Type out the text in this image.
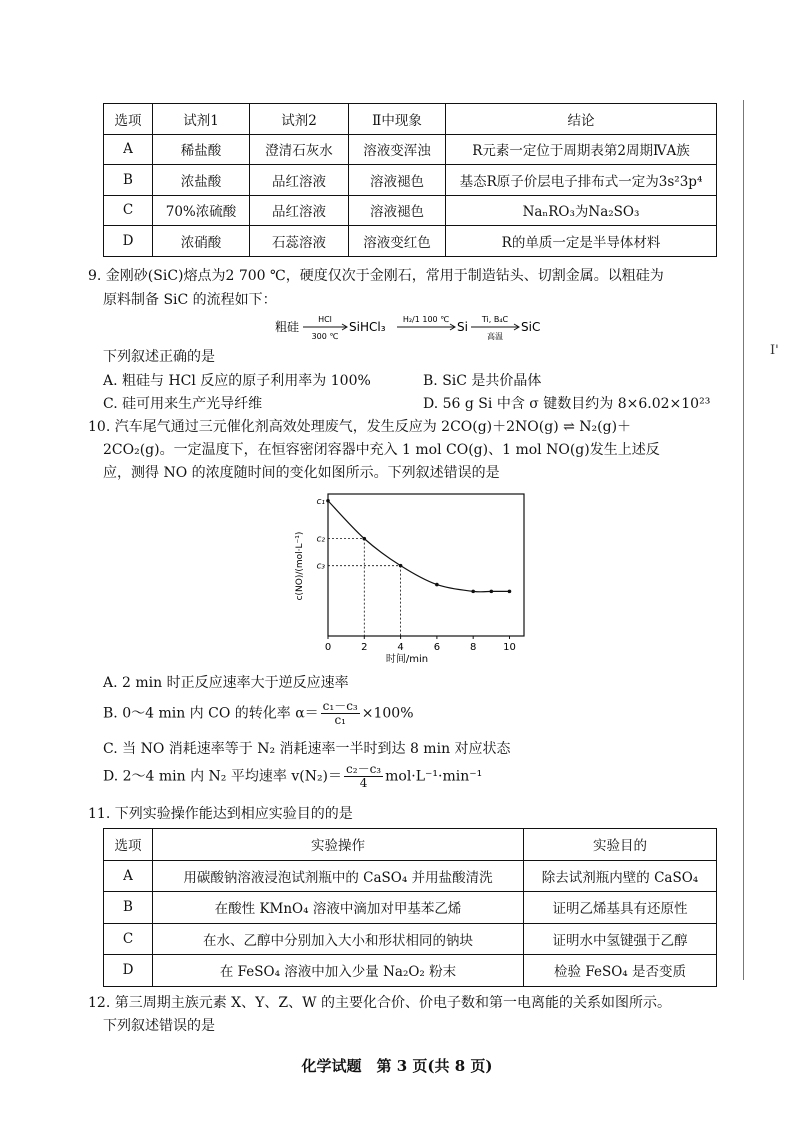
I'
选项	试剂1	试剂2	Ⅱ中现象	结论
A	稀盐酸	澄清石灰水	溶液变浑浊	R元素一定位于周期表第2周期ⅣA族
B	浓盐酸	品红溶液	溶液褪色	基态R原子价层电子排布式一定为3s²3p⁴
C	70%浓硫酸	品红溶液	溶液褪色	NaₙRO₃为Na₂SO₃
D	浓硝酸	石蕊溶液	溶液变红色	R的单质一定是半导体材料
9. 金刚砂(SiC)熔点为2 700 ℃，硬度仅次于金刚石，常用于制造钻头、切割金属。以粗硅为
原料制备 SiC 的流程如下：
粗硅
HCl
300 ℃
SiHCl₃
H₂/1 100 ℃
Si
Ti, B₄C
高温
SiC
下列叙述正确的是
A. 粗硅与 HCl 反应的原子利用率为 100%	B. SiC 是共价晶体
C. 硅可用来生产光导纤维	D. 56 g Si 中含 σ 键数目约为 8×6.02×10²³
10. 汽车尾气通过三元催化剂高效处理废气，发生反应为 2CO(g)＋2NO(g) ⇌ N₂(g)＋
2CO₂(g)。一定温度下，在恒容密闭容器中充入 1 mol CO(g)、1 mol NO(g)发生上述反
应，测得 NO 的浓度随时间的变化如图所示。下列叙述错误的是
0	2	4	6	8	10
c₁
c₂
c₃
时间/min
c(NO)/(mol·L⁻¹)
A. 2 min 时正反应速率大于逆反应速率
B. 0～4 min 内 CO 的转化率 $\alpha= \frac{\text{c₁－c₃}}{\text{c₁}} \times 100\%$
C. 当 NO 消耗速率等于 N₂ 消耗速率一半时到达 8 min 对应状态
D. 2～4 min 内 N₂ 平均速率 $v(N_2)= \frac{\text{c₂－c₃}}{4} mol\cdot L^{-1}\cdot\min^{-1}$
11. 下列实验操作能达到相应实验目的的是
选项	实验操作	实验目的
A	用碳酸钠溶液浸泡试剂瓶中的 CaSO₄ 并用盐酸清洗	除去试剂瓶内壁的 CaSO₄
B	在酸性 KMnO₄ 溶液中滴加对甲基苯乙烯	证明乙烯基具有还原性
C	在水、乙醇中分别加入大小和形状相同的钠块	证明水中氢键强于乙醇
D	在 FeSO₄ 溶液中加入少量 Na₂O₂ 粉末	检验 FeSO₄ 是否变质
12. 第三周期主族元素 X、Y、Z、W 的主要化合价、价电子数和第一电离能的关系如图所示。
下列叙述错误的是
化学试题　第 3 页(共 8 页)
